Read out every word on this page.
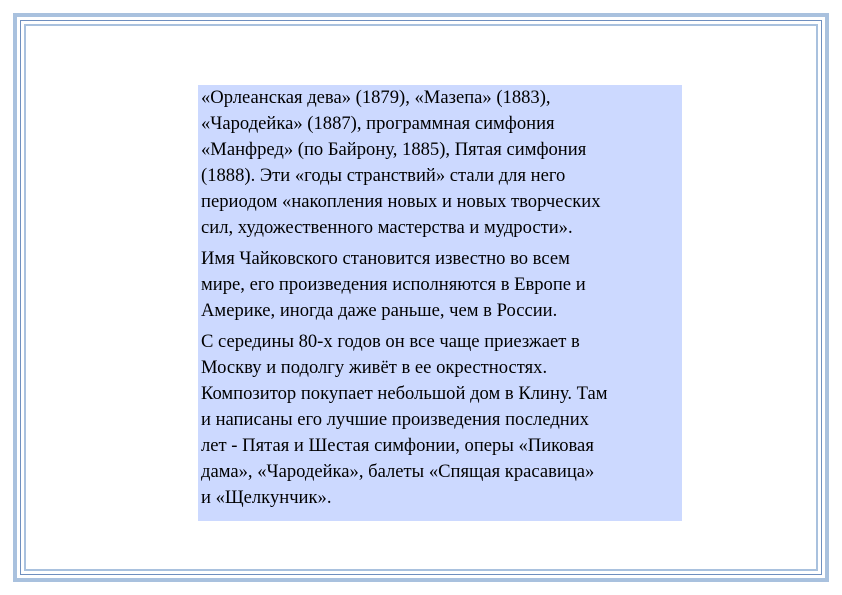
«Орлеанская дева» (1879), «Мазепа» (1883),
«Чародейка» (1887), программная симфония
«Манфред» (по Байрону, 1885), Пятая симфония
(1888). Эти «годы странствий» стали для него
периодом «накопления новых и новых творческих
сил, художественного мастерства и мудрости».

Имя Чайковского становится известно во всем
мире, его произведения исполняются в Европе и
Америке, иногда даже раньше, чем в России.

С середины 80-х годов он все чаще приезжает в
Москву и подолгу живёт в ее окрестностях.
Композитор покупает небольшой дом в Клину. Там
и написаны его лучшие произведения последних
лет - Пятая и Шестая симфонии, оперы «Пиковая
дама», «Чародейка», балеты «Спящая красавица»
и «Щелкунчик».
